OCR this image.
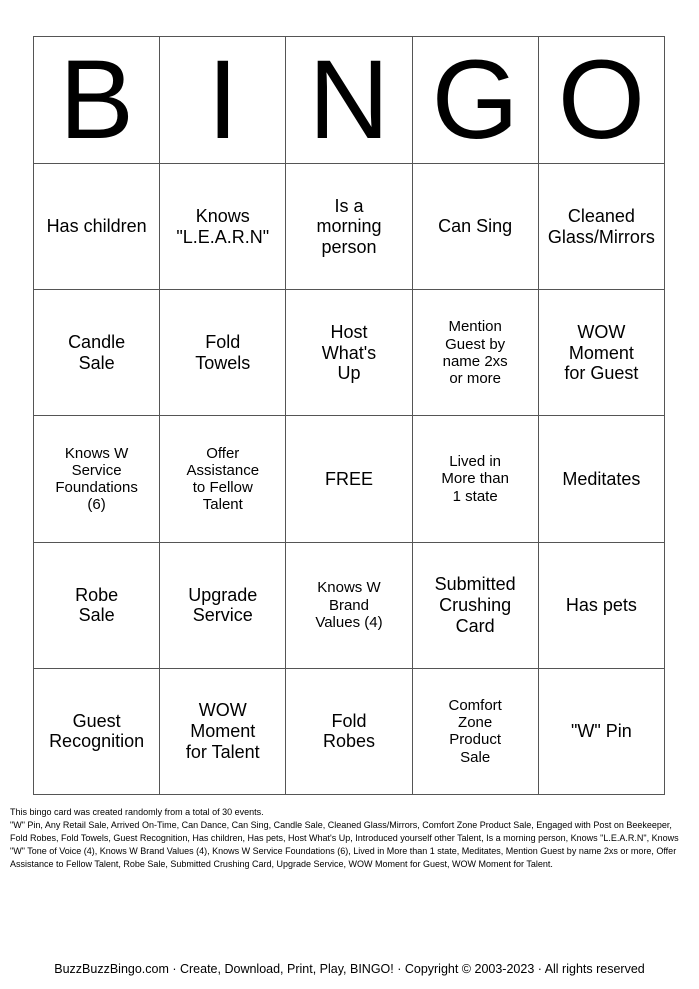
B	I	N	G	O
Has children	Knows "L.E.A.R.N"	Is a morning person	Can Sing	Cleaned Glass/Mirrors
Candle Sale	Fold Towels	Host What's Up	Mention Guest by name 2xs or more	WOW Moment for Guest
Knows W Service Foundations (6)	Offer Assistance to Fellow Talent	FREE	Lived in More than 1 state	Meditates
Robe Sale	Upgrade Service	Knows W Brand Values (4)	Submitted Crushing Card	Has pets
Guest Recognition	WOW Moment for Talent	Fold Robes	Comfort Zone Product Sale	"W" Pin
This bingo card was created randomly from a total of 30 events.
"W" Pin, Any Retail Sale, Arrived On-Time, Can Dance, Can Sing, Candle Sale, Cleaned Glass/Mirrors, Comfort Zone Product Sale, Engaged with Post on Beekeeper, Fold Robes, Fold Towels, Guest Recognition, Has children, Has pets, Host What's Up, Introduced yourself other Talent, Is a morning person, Knows "L.E.A.R.N", Knows "W" Tone of Voice (4), Knows W Brand Values (4), Knows W Service Foundations (6), Lived in More than 1 state, Meditates, Mention Guest by name 2xs or more, Offer Assistance to Fellow Talent, Robe Sale, Submitted Crushing Card, Upgrade Service, WOW Moment for Guest, WOW Moment for Talent.
BuzzBuzzBingo.com · Create, Download, Print, Play, BINGO! · Copyright © 2003-2023 · All rights reserved
